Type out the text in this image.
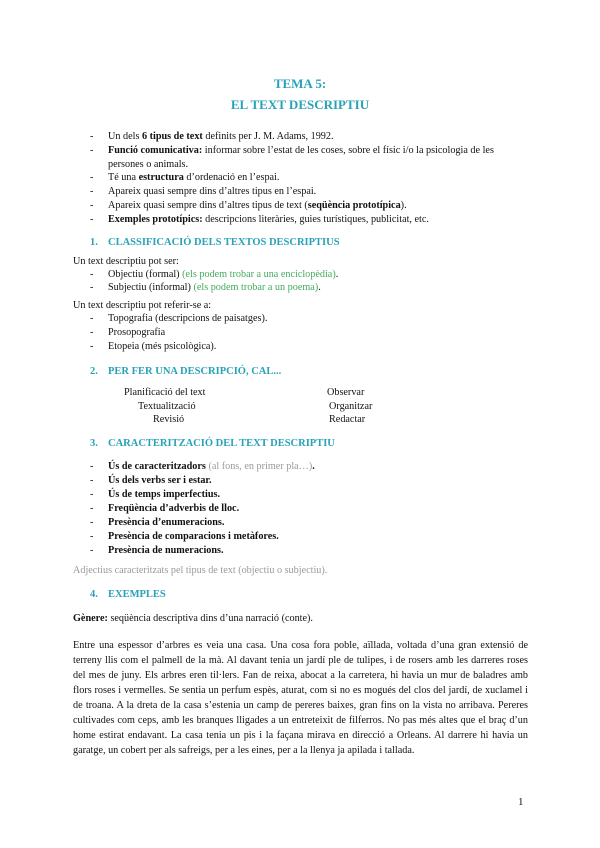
TEMA 5:
EL TEXT DESCRIPTIU
- Un dels 6 tipus de text definits per J. M. Adams, 1992.
- Funció comunicativa: informar sobre l’estat de les coses, sobre el físic i/o la psicologia de les persones o animals.
- Té una estructura d’ordenació en l’espai.
- Apareix quasi sempre dins d’altres tipus en l’espai.
- Apareix quasi sempre dins d’altres tipus de text (seqüència prototípica).
- Exemples prototípics: descripcions literàries, guies turístiques, publicitat, etc.
1. CLASSIFICACIÓ DELS TEXTOS DESCRIPTIUS
Un text descriptiu pot ser:
- Objectiu (formal) (els podem trobar a una enciclopèdia).
- Subjectiu (informal) (els podem trobar a un poema).
Un text descriptiu pot referir-se a:
- Topografia (descripcions de paisatges).
- Prosopografia
- Etopeia (més psicològica).
2. PER FER UNA DESCRIPCIÓ, CAL...
Planificació del text
Textualització
Revisió
Observar
Organitzar
Redactar
3. CARACTERITZACIÓ DEL TEXT DESCRIPTIU
- Ús de caracteritzadors (al fons, en primer pla…).
- Ús dels verbs ser i estar.
- Ús de temps imperfectius.
- Freqüència d’adverbis de lloc.
- Presència d’enumeracions.
- Presència de comparacions i metàfores.
- Presència de numeracions.
Adjectius caracteritzats pel tipus de text (objectiu o subjectiu).
4. EXEMPLES
Gènere: seqüència descriptiva dins d’una narració (conte).
Entre una espessor d’arbres es veia una casa. Una cosa fora poble, aïllada, voltada d’una gran extensió de terreny llis com el palmell de la mà. Al davant tenia un jardí ple de tulipes, i de rosers amb les darreres roses del mes de juny. Els arbres eren til·lers. Fan de reixa, abocat a la carretera, hi havia un mur de baladres amb flors roses i vermelles. Se sentia un perfum espès, aturat, com si no es mogués del clos del jardí, de xuclamel i de troana. A la dreta de la casa s’estenia un camp de pereres baixes, gran fins on la vista no arribava. Pereres cultivades com ceps, amb les branques lligades a un entreteixit de filferros. No pas més altes que el braç d’un home estirat endavant. La casa tenia un pis i la façana mirava en direcció a Orleans. Al darrere hi havia un garatge, un cobert per als safreigs, per a les eines, per a la llenya ja apilada i tallada.
1
